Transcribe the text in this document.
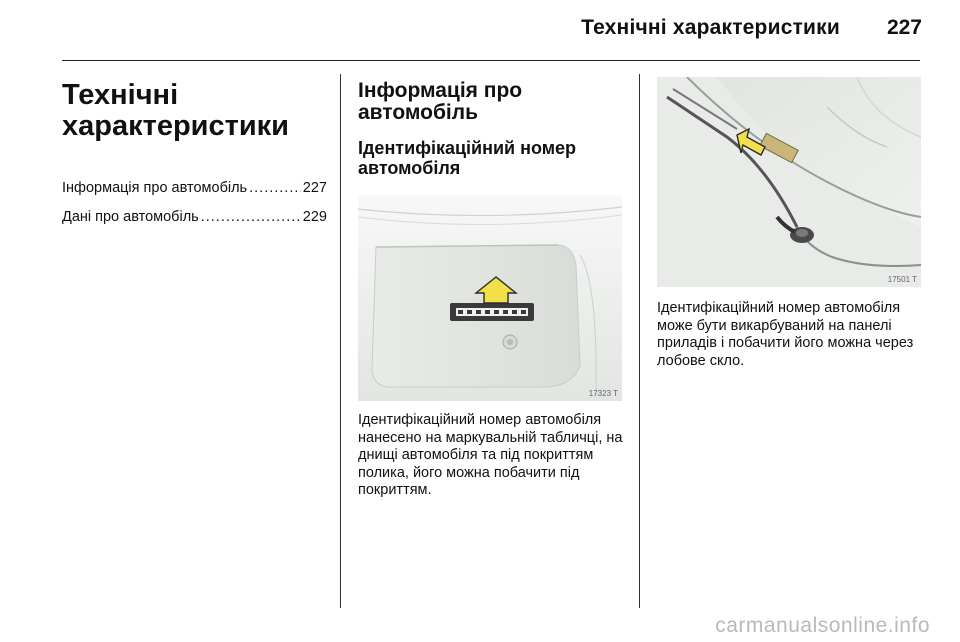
Технічні характеристики	227
Технічні характеристики
Інформація про автомобіль .....	227
Дані про автомобіль .....	229
Інформація про автомобіль
Ідентифікаційний номер автомобіля
17323 T

Ідентифікаційний номер автомобіля нанесено на маркувальній табличці, на днищі автомобіля та під покриттям полика, його можна побачити під покриттям.

17501 T

Ідентифікаційний номер автомобіля може бути викарбуваний на панелі приладів і побачити його можна через лобове скло.

carmanualsonline.info
